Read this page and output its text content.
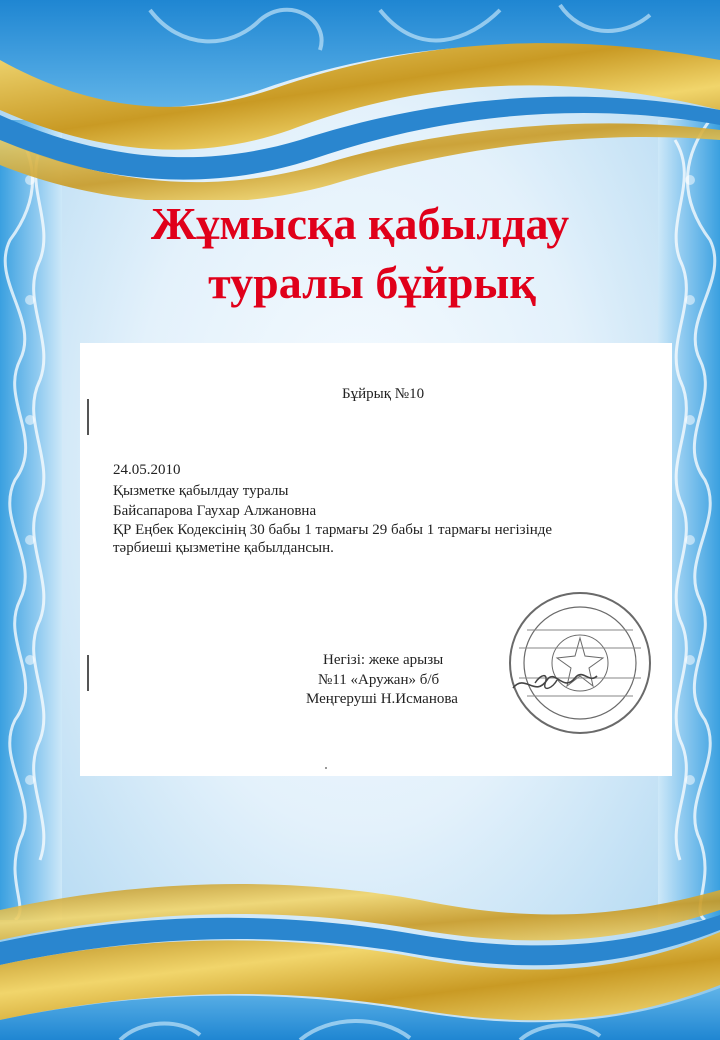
Жұмысқа қабылдау
туралы бұйрық
Бұйрық №10
24.05.2010
Қызметке қабылдау туралы
Байсапарова Гаухар Алжановна
ҚР Еңбек Кодексінің 30 бабы 1 тармағы 29 бабы 1 тармағы негізінде
тәрбиеші қызметіне қабылдансын.
Негізі: жеке арызы
№11 «Аружан» б/б
Меңгеруші Н.Исманова
